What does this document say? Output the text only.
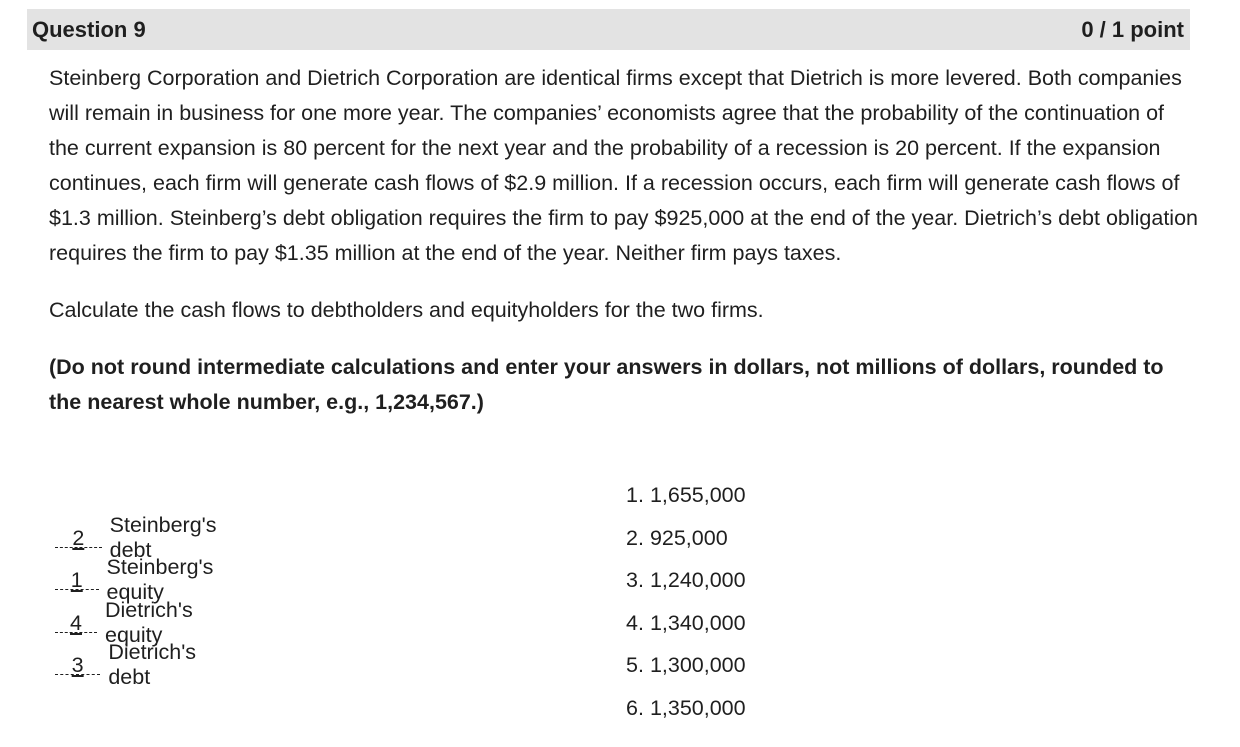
Question 9	0 / 1 point

Steinberg Corporation and Dietrich Corporation are identical firms except that Dietrich is more levered. Both companies will remain in business for one more year. The companies’ economists agree that the probability of the continuation of the current expansion is 80 percent for the next year and the probability of a recession is 20 percent. If the expansion continues, each firm will generate cash flows of $2.9 million. If a recession occurs, each firm will generate cash flows of $1.3 million. Steinberg’s debt obligation requires the firm to pay $925,000 at the end of the year. Dietrich’s debt obligation requires the firm to pay $1.35 million at the end of the year. Neither firm pays taxes.

Calculate the cash flows to debtholders and equityholders for the two firms.

(Do not round intermediate calculations and enter your answers in dollars, not millions of dollars, rounded to the nearest whole number, e.g., 1,234,567.)

2
Steinberg's debt
1
Steinberg's equity
4
Dietrich's equity
3
Dietrich's debt
1. 1,655,000
2. 925,000
3. 1,240,000
4. 1,340,000
5. 1,300,000
6. 1,350,000
